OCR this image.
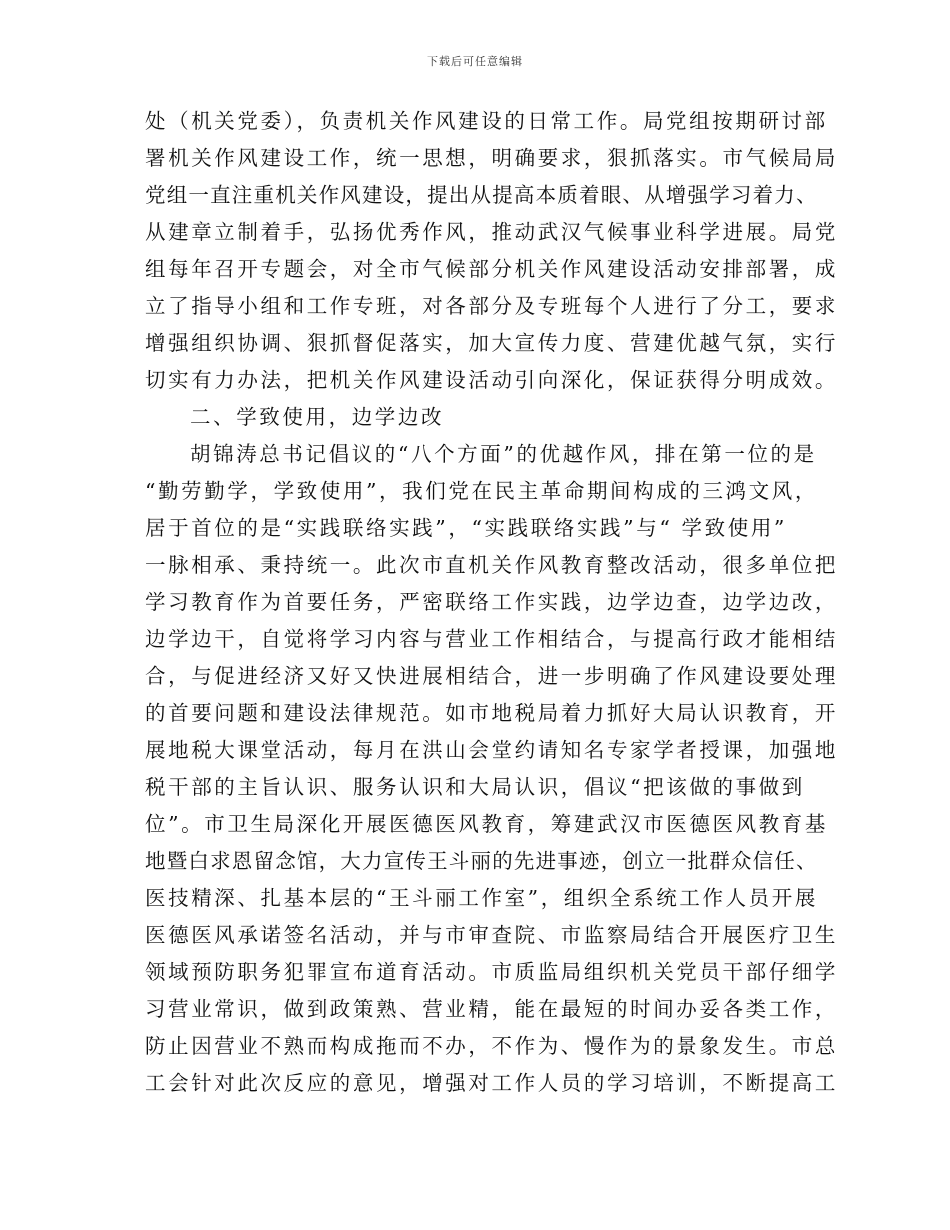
下载后可任意编辑
处（机关党委），负责机关作风建设的日常工作。局党组按期研讨部
署机关作风建设工作，统一思想，明确要求，狠抓落实。市气候局局
党组一直注重机关作风建设，提出从提高本质着眼、从增强学习着力、
从建章立制着手，弘扬优秀作风，推动武汉气候事业科学进展。局党
组每年召开专题会，对全市气候部分机关作风建设活动安排部署，成
立了指导小组和工作专班，对各部分及专班每个人进行了分工，要求
增强组织协调、狠抓督促落实，加大宣传力度、营建优越气氛，实行
切实有力办法，把机关作风建设活动引向深化，保证获得分明成效。
二、学致使用，边学边改
胡锦涛总书记倡议的“八个方面”的优越作风，排在第一位的是
“勤劳勤学，学致使用”，我们党在民主革命期间构成的三鸿文风，
居于首位的是“实践联络实践”，“实践联络实践”与“ 学致使用”
一脉相承、秉持统一。此次市直机关作风教育整改活动，很多单位把
学习教育作为首要任务，严密联络工作实践，边学边查，边学边改，
边学边干，自觉将学习内容与营业工作相结合，与提高行政才能相结
合，与促进经济又好又快进展相结合，进一步明确了作风建设要处理
的首要问题和建设法律规范。如市地税局着力抓好大局认识教育，开
展地税大课堂活动，每月在洪山会堂约请知名专家学者授课，加强地
税干部的主旨认识、服务认识和大局认识，倡议“把该做的事做到
位”。市卫生局深化开展医德医风教育，筹建武汉市医德医风教育基
地暨白求恩留念馆，大力宣传王斗丽的先进事迹，创立一批群众信任、
医技精深、扎基本层的“王斗丽工作室”，组织全系统工作人员开展
医德医风承诺签名活动，并与市审查院、市监察局结合开展医疗卫生
领域预防职务犯罪宣布道育活动。市质监局组织机关党员干部仔细学
习营业常识，做到政策熟、营业精，能在最短的时间办妥各类工作，
防止因营业不熟而构成拖而不办，不作为、慢作为的景象发生。市总
工会针对此次反应的意见，增强对工作人员的学习培训，不断提高工
